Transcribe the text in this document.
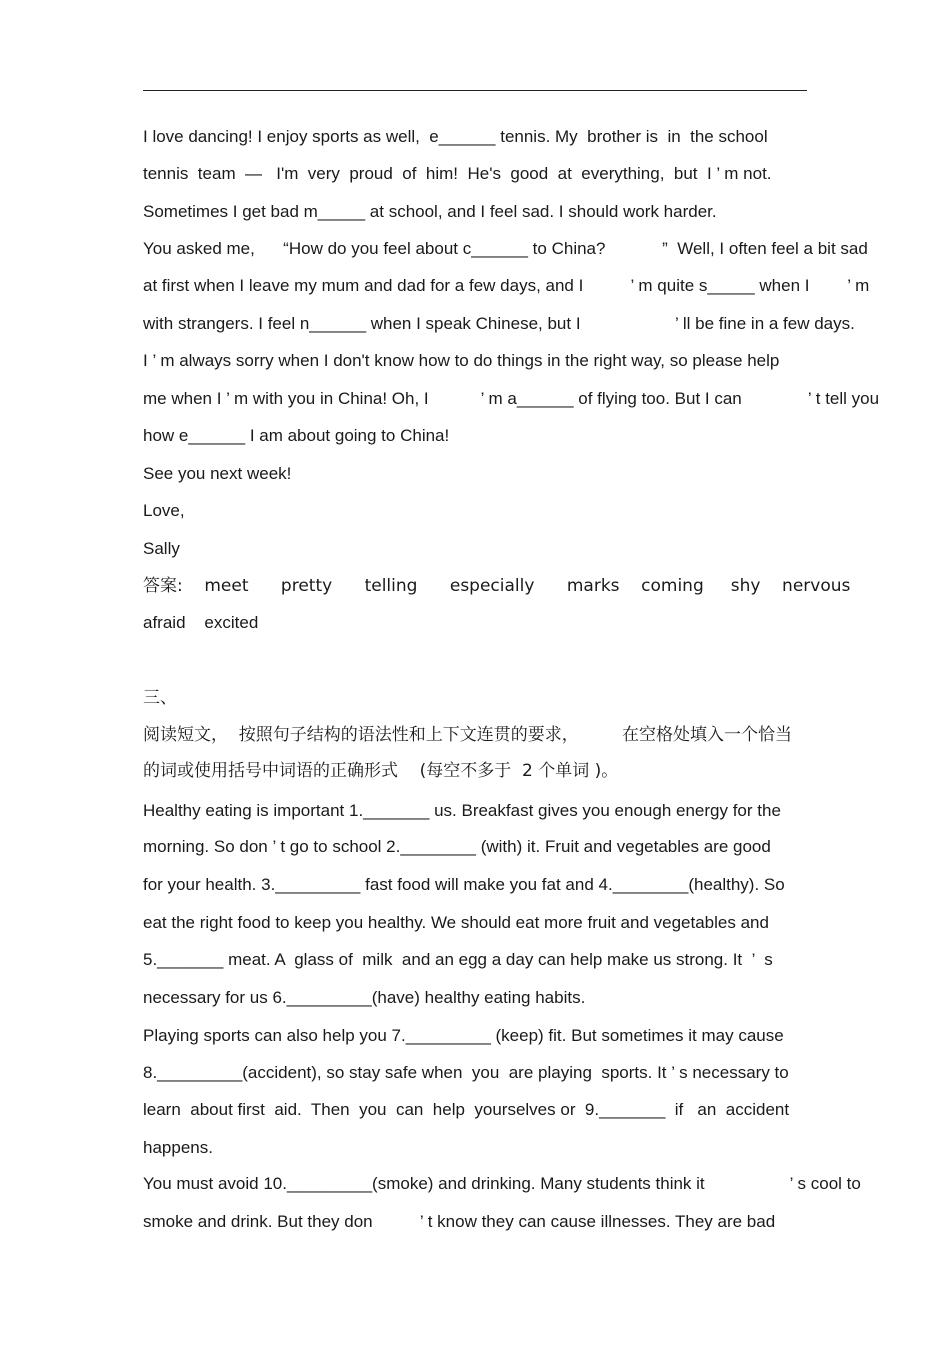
I love dancing! I enjoy sports as well,  e______ tennis. My  brother is  in  the school
tennis  team  —   I'm  very  proud  of  him!  He's  good  at  everything,  but  I ’ m not.
Sometimes I get bad m_____ at school, and I feel sad. I should work harder.
You asked me,      “How do you feel about c______ to China?            ”  Well, I often feel a bit sad
at first when I leave my mum and dad for a few days, and I          ’ m quite s_____ when I        ’ m
with strangers. I feel n______ when I speak Chinese, but I                    ’ ll be fine in a few days.
I ’ m always sorry when I don't know how to do things in the right way, so please help
me when I ’ m with you in China! Oh, I           ’ m a______ of flying too. But I can              ’ t tell you
how e______ I am about going to China!
See you next week!
Love,
Sally
答案:    meet      pretty      telling      especially      marks    coming     shy    nervous
afraid    excited
三、
阅读短文，  按照句子结构的语法性和上下文连贯的要求，        在空格处填入一个恰当
的词或使用括号中词语的正确形式    (每空不多于  2 个单词 )。
Healthy eating is important 1._______ us. Breakfast gives you enough energy for the
morning. So don ’ t go to school 2.________ (with) it. Fruit and vegetables are good
for your health. 3._________ fast food will make you fat and 4.________(healthy). So
eat the right food to keep you healthy. We should eat more fruit and vegetables and
5._______ meat. A  glass of  milk  and an egg a day can help make us strong. It  ’  s
necessary for us 6._________(have) healthy eating habits.
Playing sports can also help you 7._________ (keep) fit. But sometimes it may cause
8._________(accident), so stay safe when  you  are playing  sports. It ’ s necessary to
learn  about first  aid.  Then  you  can  help  yourselves or  9._______  if   an  accident
happens.
You must avoid 10._________(smoke) and drinking. Many students think it                  ’ s cool to
smoke and drink. But they don          ’ t know they can cause illnesses. They are bad
